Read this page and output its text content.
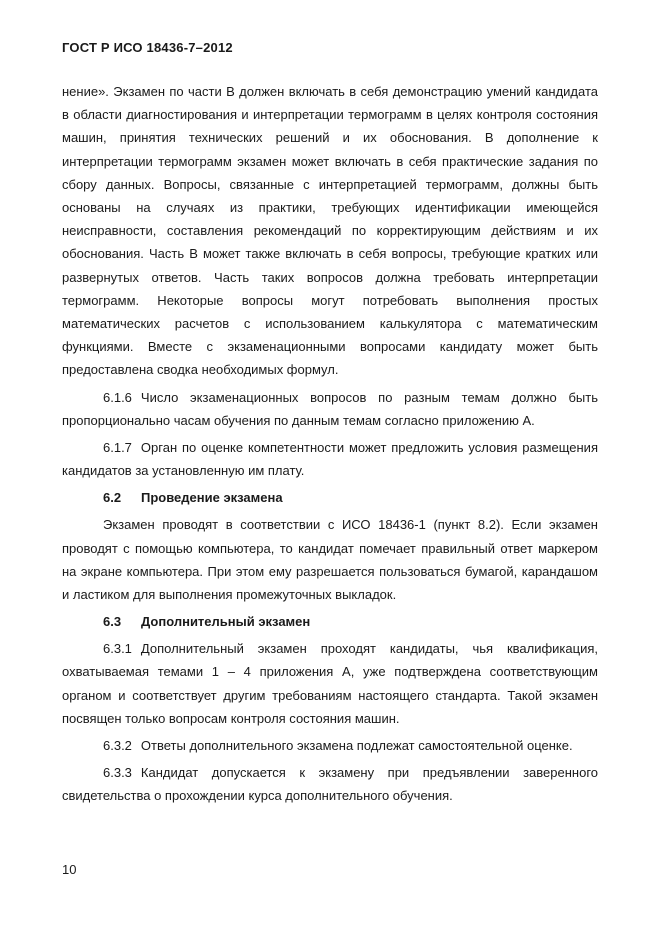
ГОСТ Р ИСО 18436-7–2012

нение». Экзамен по части В должен включать в себя демонстрацию умений кандидата в области диагностирования и интерпретации термограмм в целях контроля состояния машин, принятия технических решений и их обоснования. В дополнение к интерпретации термограмм экзамен может включать в себя практические задания по сбору данных. Вопросы, связанные с интерпретацией термограмм, должны быть основаны на случаях из практики, требующих идентификации имеющейся неисправности, составления рекомендаций по корректирующим действиям и их обоснования. Часть В может также включать в себя вопросы, требующие кратких или развернутых ответов. Часть таких вопросов должна требовать интерпретации термограмм. Некоторые вопросы могут потребовать выполнения простых математических расчетов с использованием калькулятора с математическим функциями. Вместе с экзаменационными вопросами кандидату может быть предоставлена сводка необходимых формул.

6.1.6 Число экзаменационных вопросов по разным темам должно быть пропорционально часам обучения по данным темам согласно приложению А.

6.1.7 Орган по оценке компетентности может предложить условия размещения кандидатов за установленную им плату.

6.2 Проведение экзамена

Экзамен проводят в соответствии с ИСО 18436-1 (пункт 8.2). Если экзамен проводят с помощью компьютера, то кандидат помечает правильный ответ маркером на экране компьютера. При этом ему разрешается пользоваться бумагой, карандашом и ластиком для выполнения промежуточных выкладок.

6.3 Дополнительный экзамен

6.3.1 Дополнительный экзамен проходят кандидаты, чья квалификация, охватываемая темами 1 – 4 приложения А, уже подтверждена соответствующим органом и соответствует другим требованиям настоящего стандарта. Такой экзамен посвящен только вопросам контроля состояния машин.

6.3.2 Ответы дополнительного экзамена подлежат самостоятельной оценке.

6.3.3 Кандидат допускается к экзамену при предъявлении заверенного свидетельства о прохождении курса дополнительного обучения.

10
